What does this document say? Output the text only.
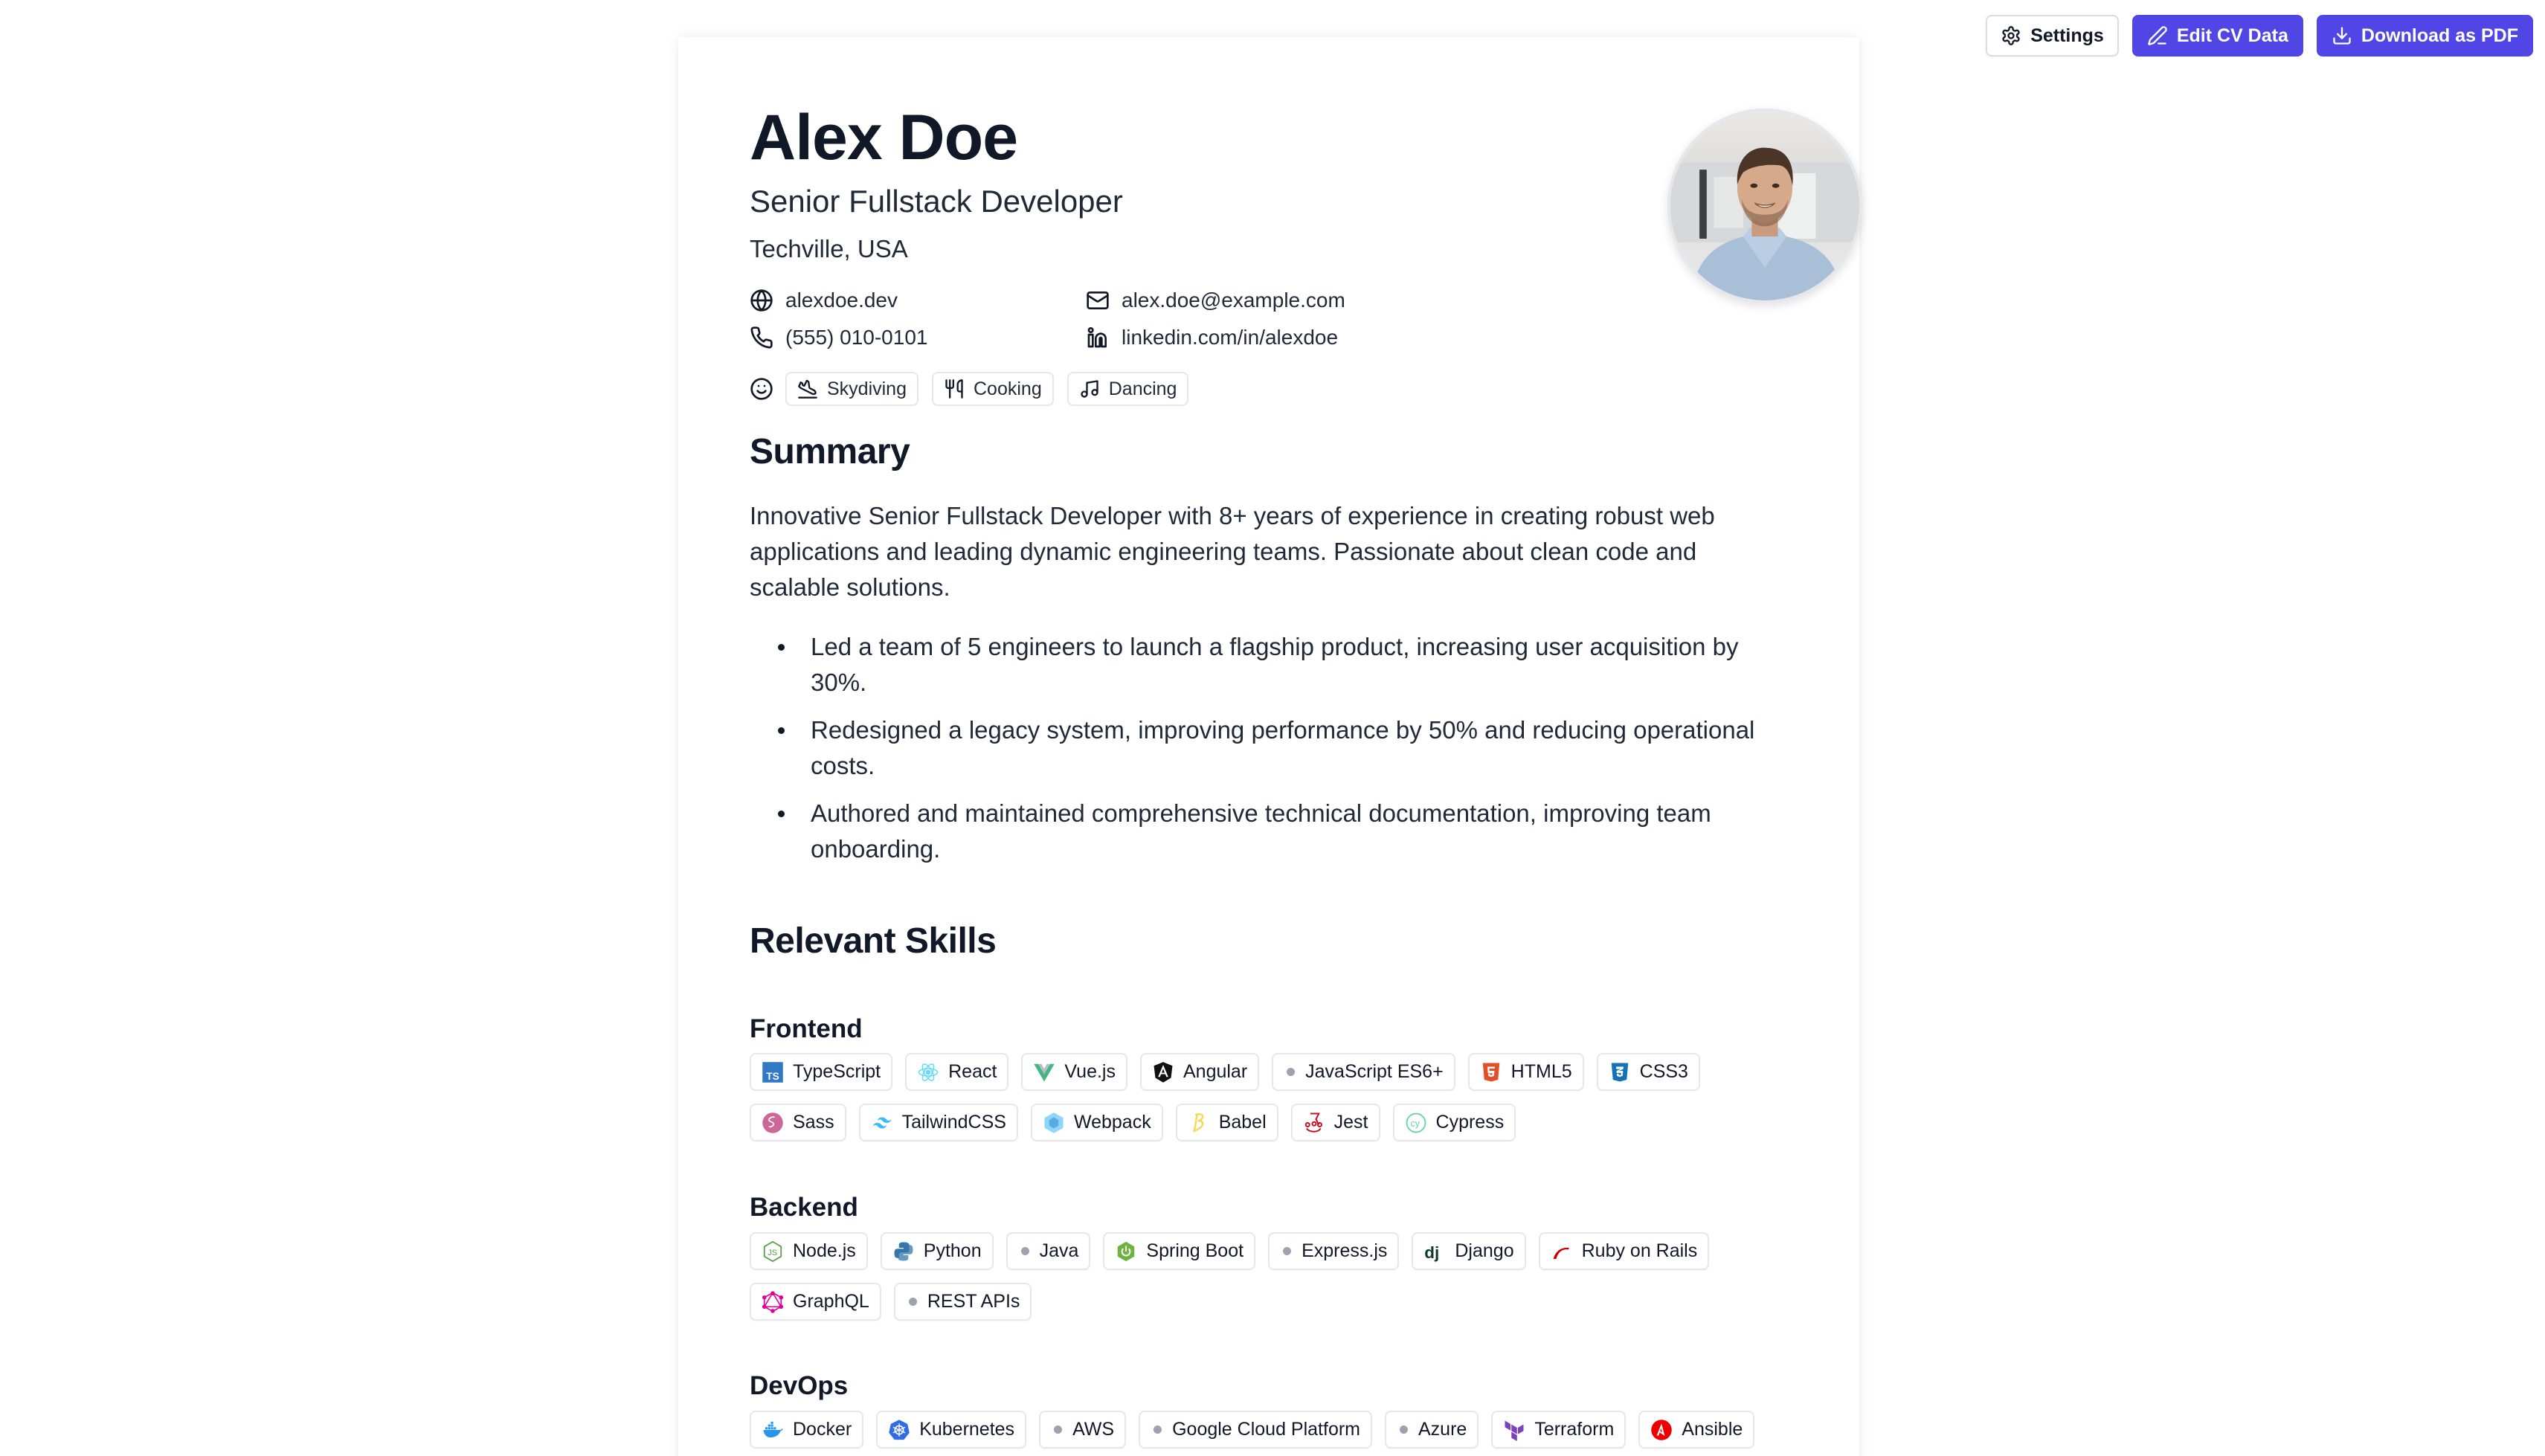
Settings	Edit CV Data	Download as PDF
Alex Doe
Senior Fullstack Developer
Techville, USA
alexdoe.dev	alex.doe@example.com
(555) 010-0101	linkedin.com/in/alexdoe
Skydiving	Cooking	Dancing
Summary

Innovative Senior Fullstack Developer with 8+ years of experience in creating robust web applications and leading dynamic engineering teams. Passionate about clean code and scalable solutions.

Led a team of 5 engineers to launch a flagship product, increasing user acquisition by 30%.
Redesigned a legacy system, improving performance by 50% and reducing operational costs.
Authored and maintained comprehensive technical documentation, improving team onboarding.
Relevant Skills
Frontend
TS TypeScript	React	Vue.js	Angular	JavaScript ES6+	HTML5	CSS3
Sass	TailwindCSS	Webpack	Babel	Jest	cy Cypress
Backend
JS Node.js	Python	Java	Spring Boot	Express.js	dj Django	Ruby on Rails
GraphQL	REST APIs
DevOps
Docker	Kubernetes	AWS	Google Cloud Platform	Azure	Terraform	Ansible
